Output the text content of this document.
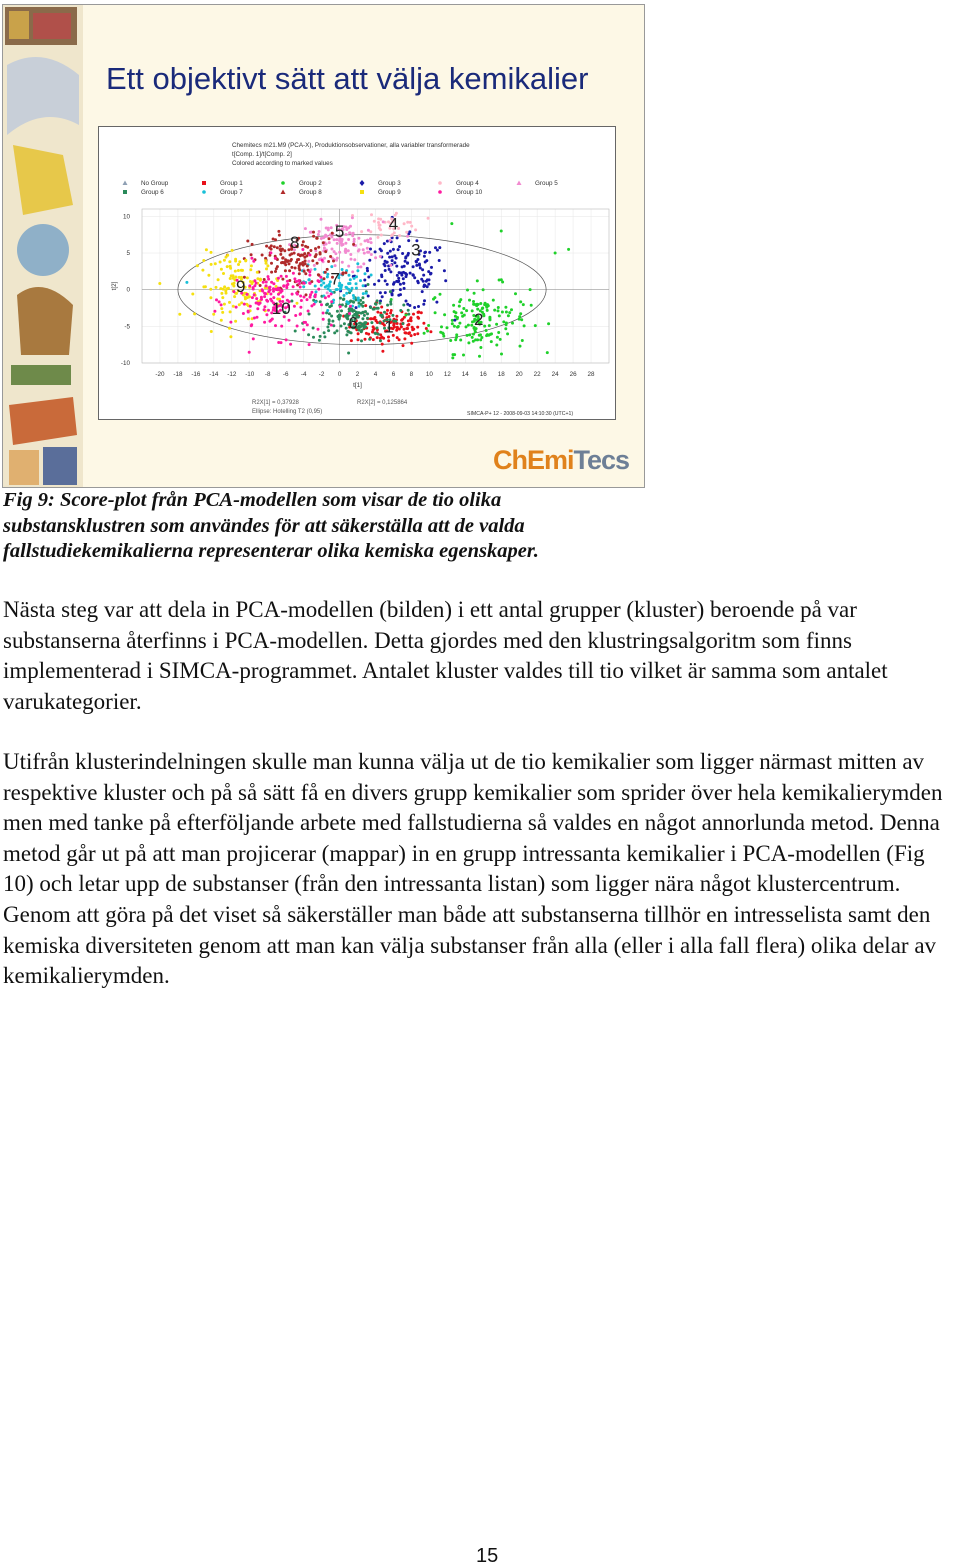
Ett objektivt sätt att välja kemikalier
Chemitecs m21.M9 (PCA-X), Produktionsobservationer, alla variabler transformerade
t[Comp. 1]/t[Comp. 2]
Colored according to marked values
No Group	Group 1	Group 2	Group 3	Group 4	Group 5
Group 6	Group 7	Group 8	Group 9	Group 10
-20 -18 -16 -14 -12 -10 -8 -6 -4 -2 0 2 4 6 8 10 12 14 16 18 20 22 24 26 28
10
5
0
-5
-10
t[1]
t[2]
1	2
3
4
5
6
7
8
9
10
R2X[1] = 0,37928	R2X[2] = 0,125864
Ellipse: Hotelling T2 (0,95)	SIMCA-P+ 12 - 2008-09-03 14:10:30 (UTC+1)
ChEmiTecs
Fig 9: Score-plot från PCA-modellen som visar de tio olika substansklustren som användes för att säkerställa att de valda fallstudiekemikalierna representerar olika kemiska egenskaper.

Nästa steg var att dela in PCA-modellen (bilden) i ett antal grupper (kluster) beroende på var substanserna återfinns i PCA-modellen. Detta gjordes med den klustringsalgoritm som finns implementerad i SIMCA-programmet. Antalet kluster valdes till tio vilket är samma som antalet varukategorier.

Utifrån klusterindelningen skulle man kunna välja ut de tio kemikalier som ligger närmast mitten av respektive kluster och på så sätt få en divers grupp kemikalier som sprider över hela kemikalierymden men med tanke på efterföljande arbete med fallstudierna så valdes en något annorlunda metod. Denna metod går ut på att man projicerar (mappar) in en grupp intressanta kemikalier i PCA-modellen (Fig 10) och letar upp de substanser (från den intressanta listan) som ligger nära något klustercentrum. Genom att göra på det viset så säkerställer man både att substanserna tillhör en intresselista samt den kemiska diversiteten genom att man kan välja substanser från alla (eller i alla fall flera) olika delar av kemikalierymden.

15
